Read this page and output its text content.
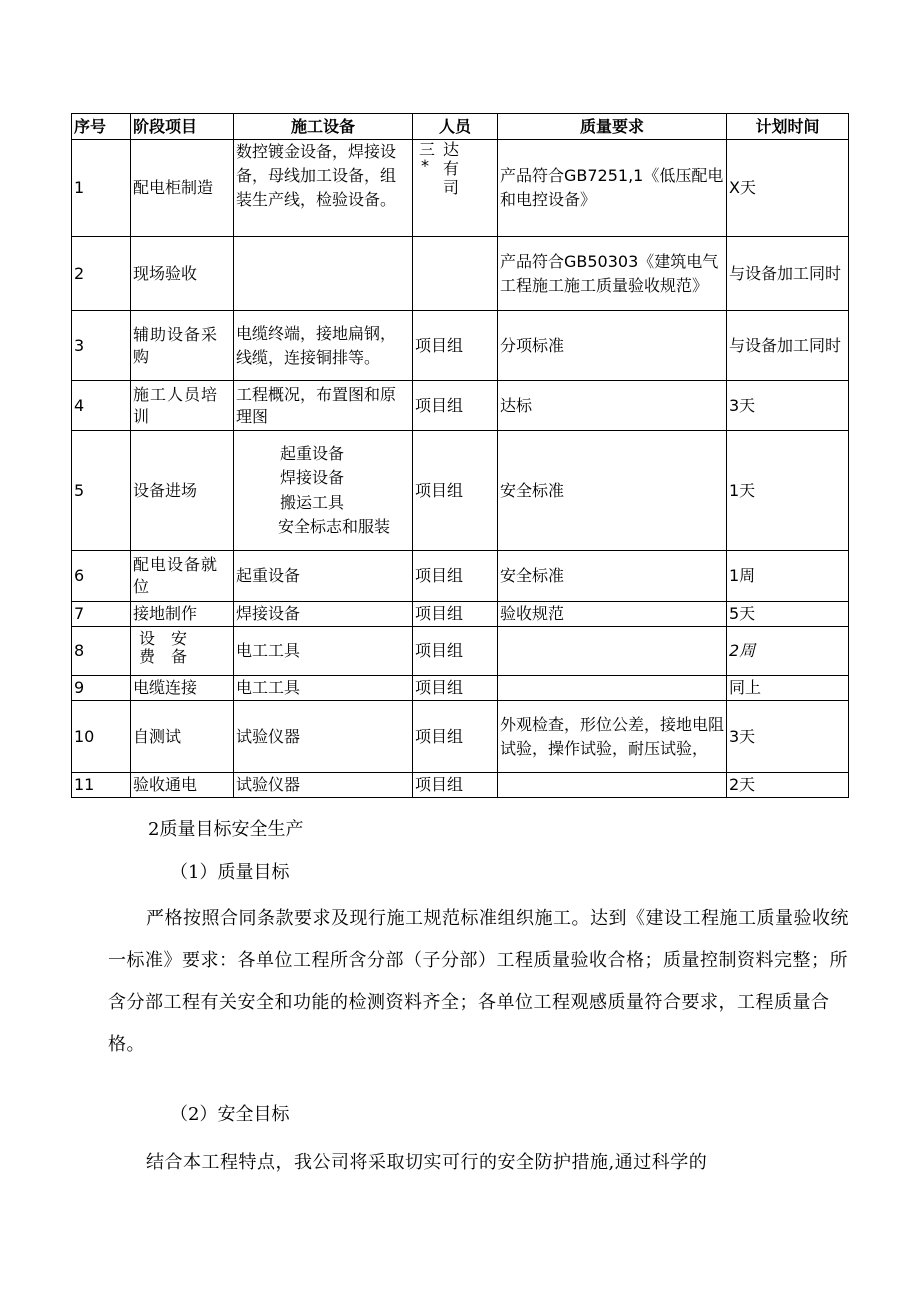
序号	阶段项目	施工设备	人员	质量要求	计划时间
1	配电柜制造	数控镀金设备，焊接设备，母线加工设备，组装生产线，检验设备。	三 达
* 有
司	产品符合GB7251,1《低压配电和电控设备》	X天
2	现场验收			产品符合GB50303《建筑电气工程施工施工质量验收规范》	与设备加工同时
3	辅助设备采购	电缆终端，接地扁钢，线缆，连接铜排等。	项目组	分项标准	与设备加工同时
4	施工人员培训	工程概况，布置图和原理图	项目组	达标	3天
5	设备进场	起重设备
焊接设备
搬运工具
安全标志和服装	项目组	安全标准	1天
6	配电设备就位	起重设备	项目组	安全标准	1周
7	接地制作	焊接设备	项目组	验收规范	5天
8	设 安
费 备	电工工具	项目组		2周
9	电缆连接	电工工具	项目组		同上
10	自测试	试验仪器	项目组	外观检查，形位公差，接地电阻试验，操作试验，耐压试验，	3天
11	验收通电	试验仪器	项目组		2天
2质量目标安全生产
（1）质量目标
严格按照合同条款要求及现行施工规范标准组织施工。达到《建设工程施工质量验收统一标准》要求：各单位工程所含分部（子分部）工程质量验收合格；质量控制资料完整；所含分部工程有关安全和功能的检测资料齐全；各单位工程观感质量符合要求，工程质量合格。
（2）安全目标
结合本工程特点，我公司将采取切实可行的安全防护措施,通过科学的
